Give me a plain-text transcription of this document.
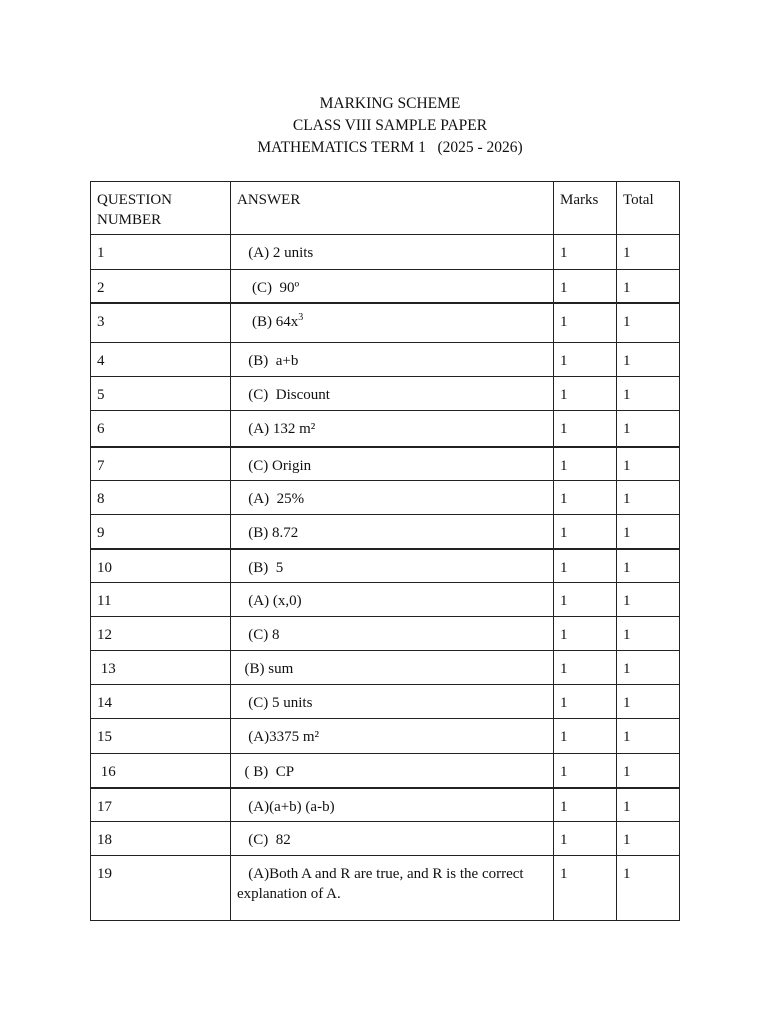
MARKING SCHEME
CLASS VIII SAMPLE PAPER
MATHEMATICS TERM 1   (2025 - 2026)
QUESTION NUMBER	ANSWER	Marks	Total
1	(A) 2 units	1	1
2	(C)  90º	1	1
3	(B) $64x^3$	1	1
4	(B)  a+b	1	1
5	(C)  Discount	1	1
6	(A) 132 m²	1	1
7	(C) Origin	1	1
8	(A)  25%	1	1
9	(B) 8.72	1	1
10	(B)  5	1	1
11	(A) (x,0)	1	1
12	(C) 8	1	1
13	(B) sum	1	1
14	(C) 5 units	1	1
15	(A)3375 m²	1	1
16	( B)  CP	1	1
17	(A)(a+b) (a-b)	1	1
18	(C)  82	1	1
19	(A)Both A and R are true, and R is the correct explanation of A.	1	1
